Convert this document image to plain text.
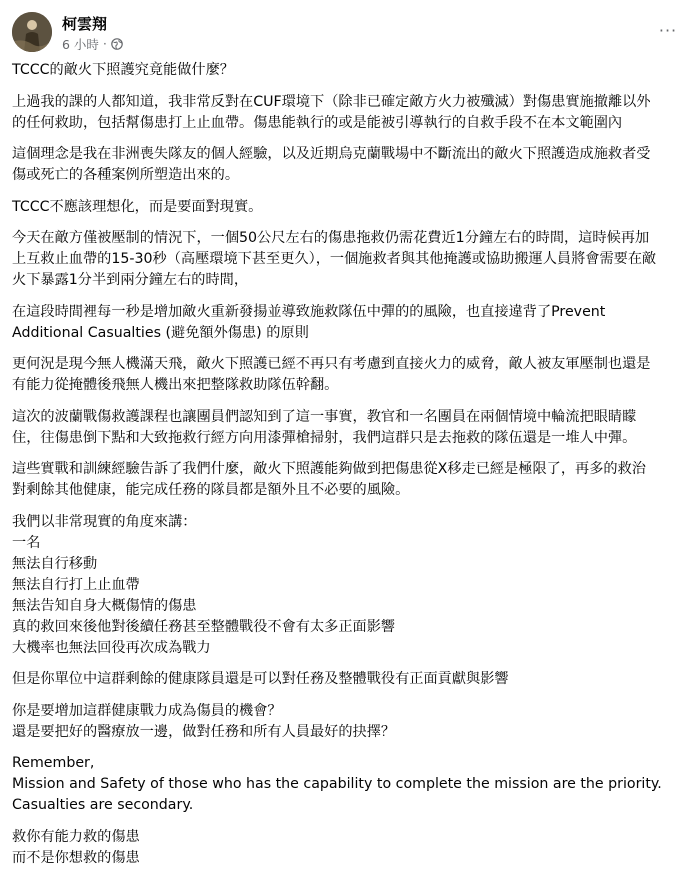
柯雲翔
6 小時 ·
···

TCCC的敵火下照護究竟能做什麼？

上過我的課的人都知道，我非常反對在CUF環境下（除非已確定敵方火力被殲滅）對傷患實施撤離以外
的任何救助，包括幫傷患打上止血帶。傷患能執行的或是能被引導執行的自救手段不在本文範圍內

這個理念是我在非洲喪失隊友的個人經驗，以及近期烏克蘭戰場中不斷流出的敵火下照護造成施救者受
傷或死亡的各種案例所塑造出來的。

TCCC不應該理想化，而是要面對現實。

今天在敵方僅被壓制的情況下，一個50公尺左右的傷患拖救仍需花費近1分鐘左右的時間，這時候再加
上互救止血帶的15-30秒（高壓環境下甚至更久），一個施救者與其他掩護或協助搬運人員將會需要在敵
火下暴露1分半到兩分鐘左右的時間，

在這段時間裡每一秒是增加敵火重新發揚並導致施救隊伍中彈的的風險，也直接違背了Prevent
Additional Casualties (避免額外傷患) 的原則

更何況是現今無人機滿天飛，敵火下照護已經不再只有考慮到直接火力的威脅，敵人被友軍壓制也還是
有能力從掩體後飛無人機出來把整隊救助隊伍幹翻。

這次的波蘭戰傷救護課程也讓團員們認知到了這一事實，教官和一名團員在兩個情境中輪流把眼睛矇
住，往傷患倒下點和大致拖救行經方向用漆彈槍掃射，我們這群只是去拖救的隊伍還是一堆人中彈。

這些實戰和訓練經驗告訴了我們什麼，敵火下照護能夠做到把傷患從X移走已經是極限了，再多的救治
對剩餘其他健康，能完成任務的隊員都是額外且不必要的風險。

我們以非常現實的角度來講：
一名
無法自行移動
無法自行打上止血帶
無法告知自身大概傷情的傷患
真的救回來後他對後續任務甚至整體戰役不會有太多正面影響
大機率也無法回役再次成為戰力

但是你單位中這群剩餘的健康隊員還是可以對任務及整體戰役有正面貢獻與影響

你是要增加這群健康戰力成為傷員的機會？
還是要把好的醫療放一邊，做對任務和所有人員最好的抉擇？

Remember,
Mission and Safety of those who has the capability to complete the mission are the priority.
Casualties are secondary.

救你有能力救的傷患
而不是你想救的傷患
